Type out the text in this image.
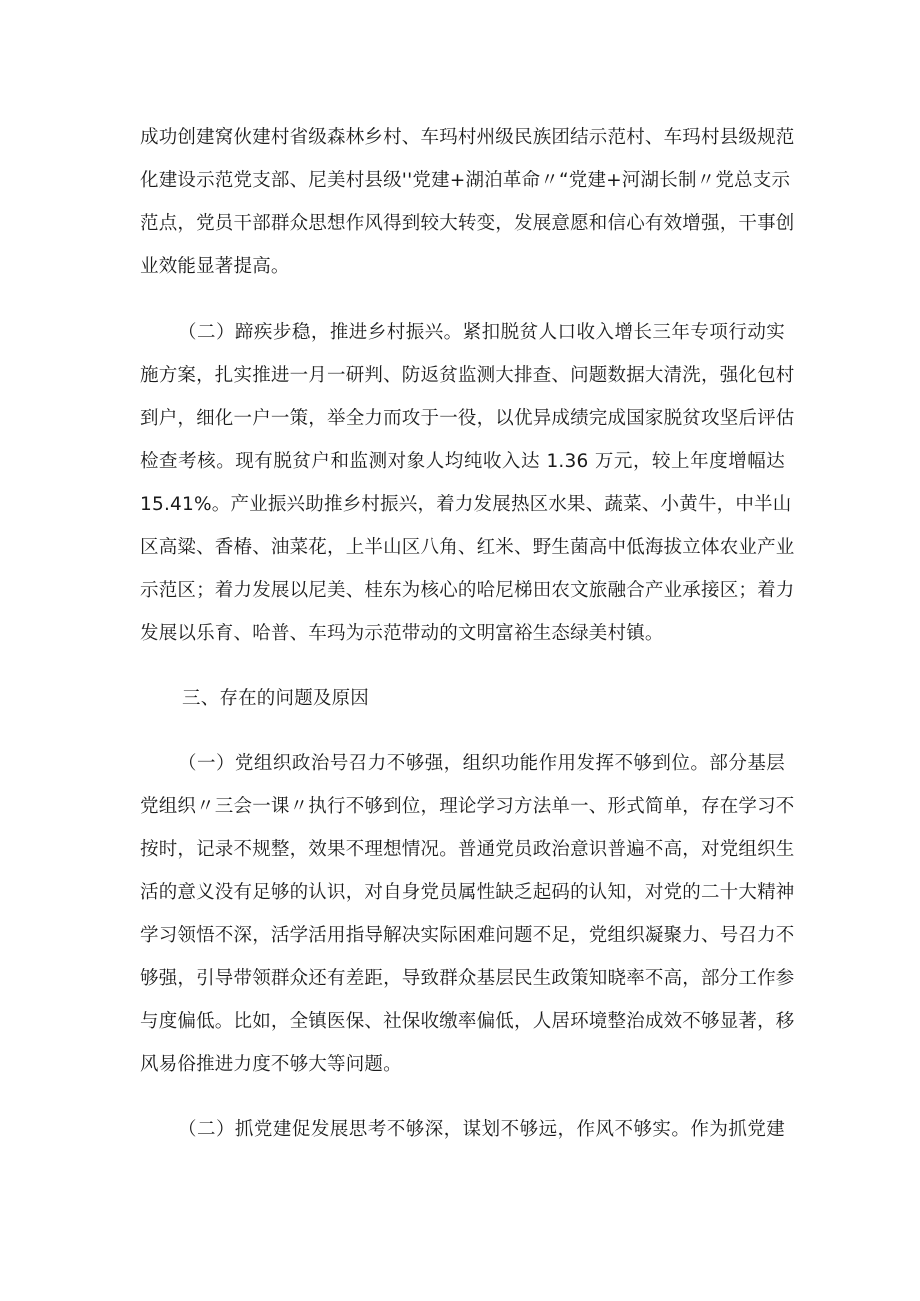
成功创建窝伙建村省级森林乡村、车玛村州级民族团结示范村、车玛村县级规范
化建设示范党支部、尼美村县级''党建+湖泊革命〃“党建+河湖长制〃党总支示
范点，党员干部群众思想作风得到较大转变，发展意愿和信心有效增强，干事创
业效能显著提高。
（二）蹄疾步稳，推进乡村振兴。紧扣脱贫人口收入增长三年专项行动实
施方案，扎实推进一月一研判、防返贫监测大排查、问题数据大清洗，强化包村
到户，细化一户一策，举全力而攻于一役，以优异成绩完成国家脱贫攻坚后评估
检查考核。现有脱贫户和监测对象人均纯收入达 1.36 万元，较上年度增幅达
15.41%。产业振兴助推乡村振兴，着力发展热区水果、蔬菜、小黄牛，中半山
区高粱、香椿、油菜花，上半山区八角、红米、野生菌高中低海拔立体农业产业
示范区；着力发展以尼美、桂东为核心的哈尼梯田农文旅融合产业承接区；着力
发展以乐育、哈普、车玛为示范带动的文明富裕生态绿美村镇。
三、存在的问题及原因
（一）党组织政治号召力不够强，组织功能作用发挥不够到位。部分基层
党组织〃三会一课〃执行不够到位，理论学习方法单一、形式简单，存在学习不
按时，记录不规整，效果不理想情况。普通党员政治意识普遍不高，对党组织生
活的意义没有足够的认识，对自身党员属性缺乏起码的认知，对党的二十大精神
学习领悟不深，活学活用指导解决实际困难问题不足，党组织凝聚力、号召力不
够强，引导带领群众还有差距，导致群众基层民生政策知晓率不高，部分工作参
与度偏低。比如，全镇医保、社保收缴率偏低，人居环境整治成效不够显著，移
风易俗推进力度不够大等问题。
（二）抓党建促发展思考不够深，谋划不够远，作风不够实。作为抓党建
